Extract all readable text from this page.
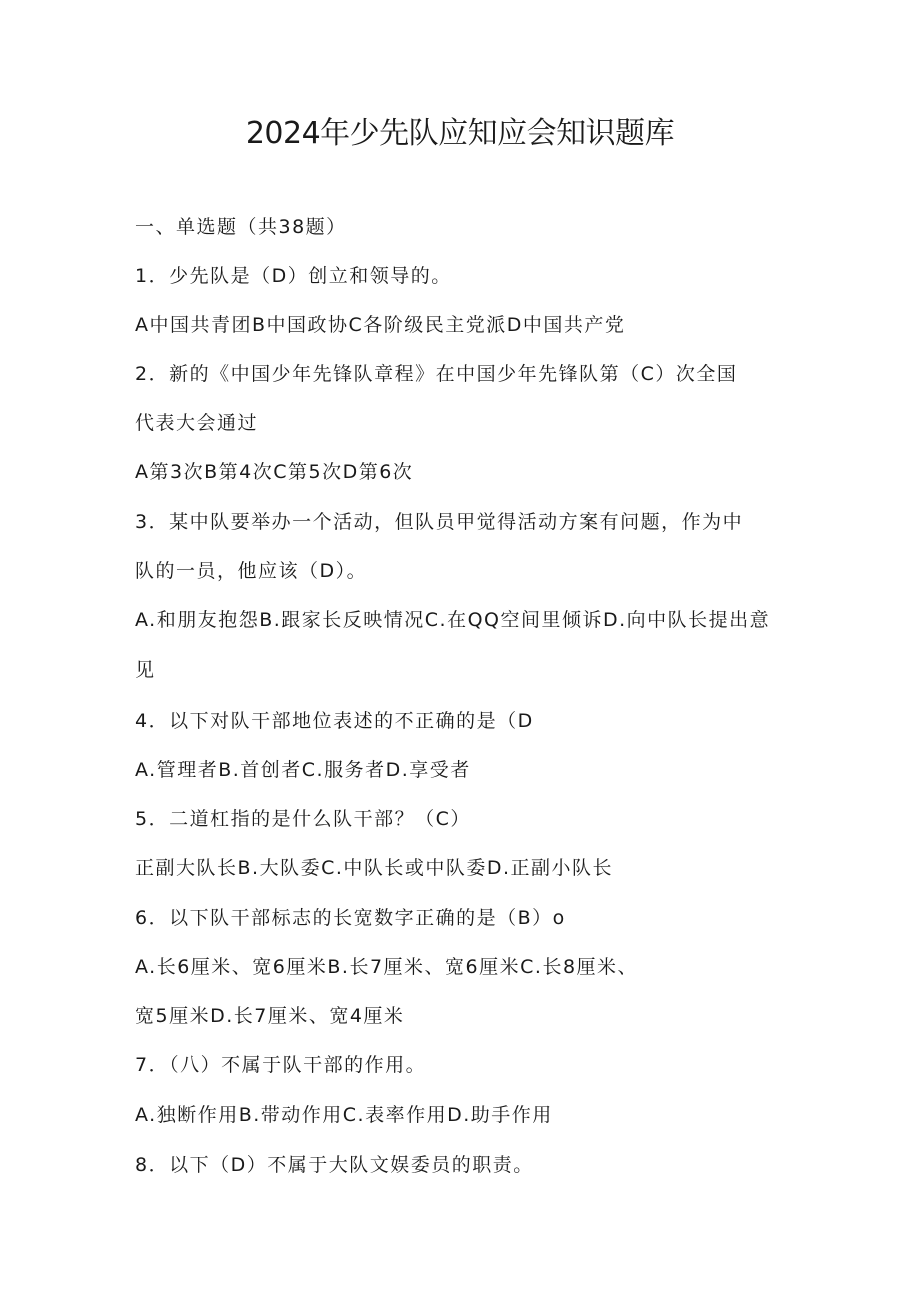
2024年少先队应知应会知识题库
一、单选题（共38题）
1．少先队是（D）创立和领导的。
A中国共青团B中国政协C各阶级民主党派D中国共产党
2．新的《中国少年先锋队章程》在中国少年先锋队第（C）次全国
代表大会通过
A第3次B第4次C第5次D第6次
3．某中队要举办一个活动，但队员甲觉得活动方案有问题，作为中
队的一员，他应该（D）。
A.和朋友抱怨B.跟家长反映情况C.在QQ空间里倾诉D.向中队长提出意
见
4．以下对队干部地位表述的不正确的是（D
A.管理者B.首创者C.服务者D.享受者
5．二道杠指的是什么队干部？（C）
正副大队长B.大队委C.中队长或中队委D.正副小队长
6．以下队干部标志的长宽数字正确的是（B）o
A.长6厘米、宽6厘米B.长7厘米、宽6厘米C.长8厘米、
宽5厘米D.长7厘米、宽4厘米
7．（八）不属于队干部的作用。
A.独断作用B.带动作用C.表率作用D.助手作用
8．以下（D）不属于大队文娱委员的职责。
